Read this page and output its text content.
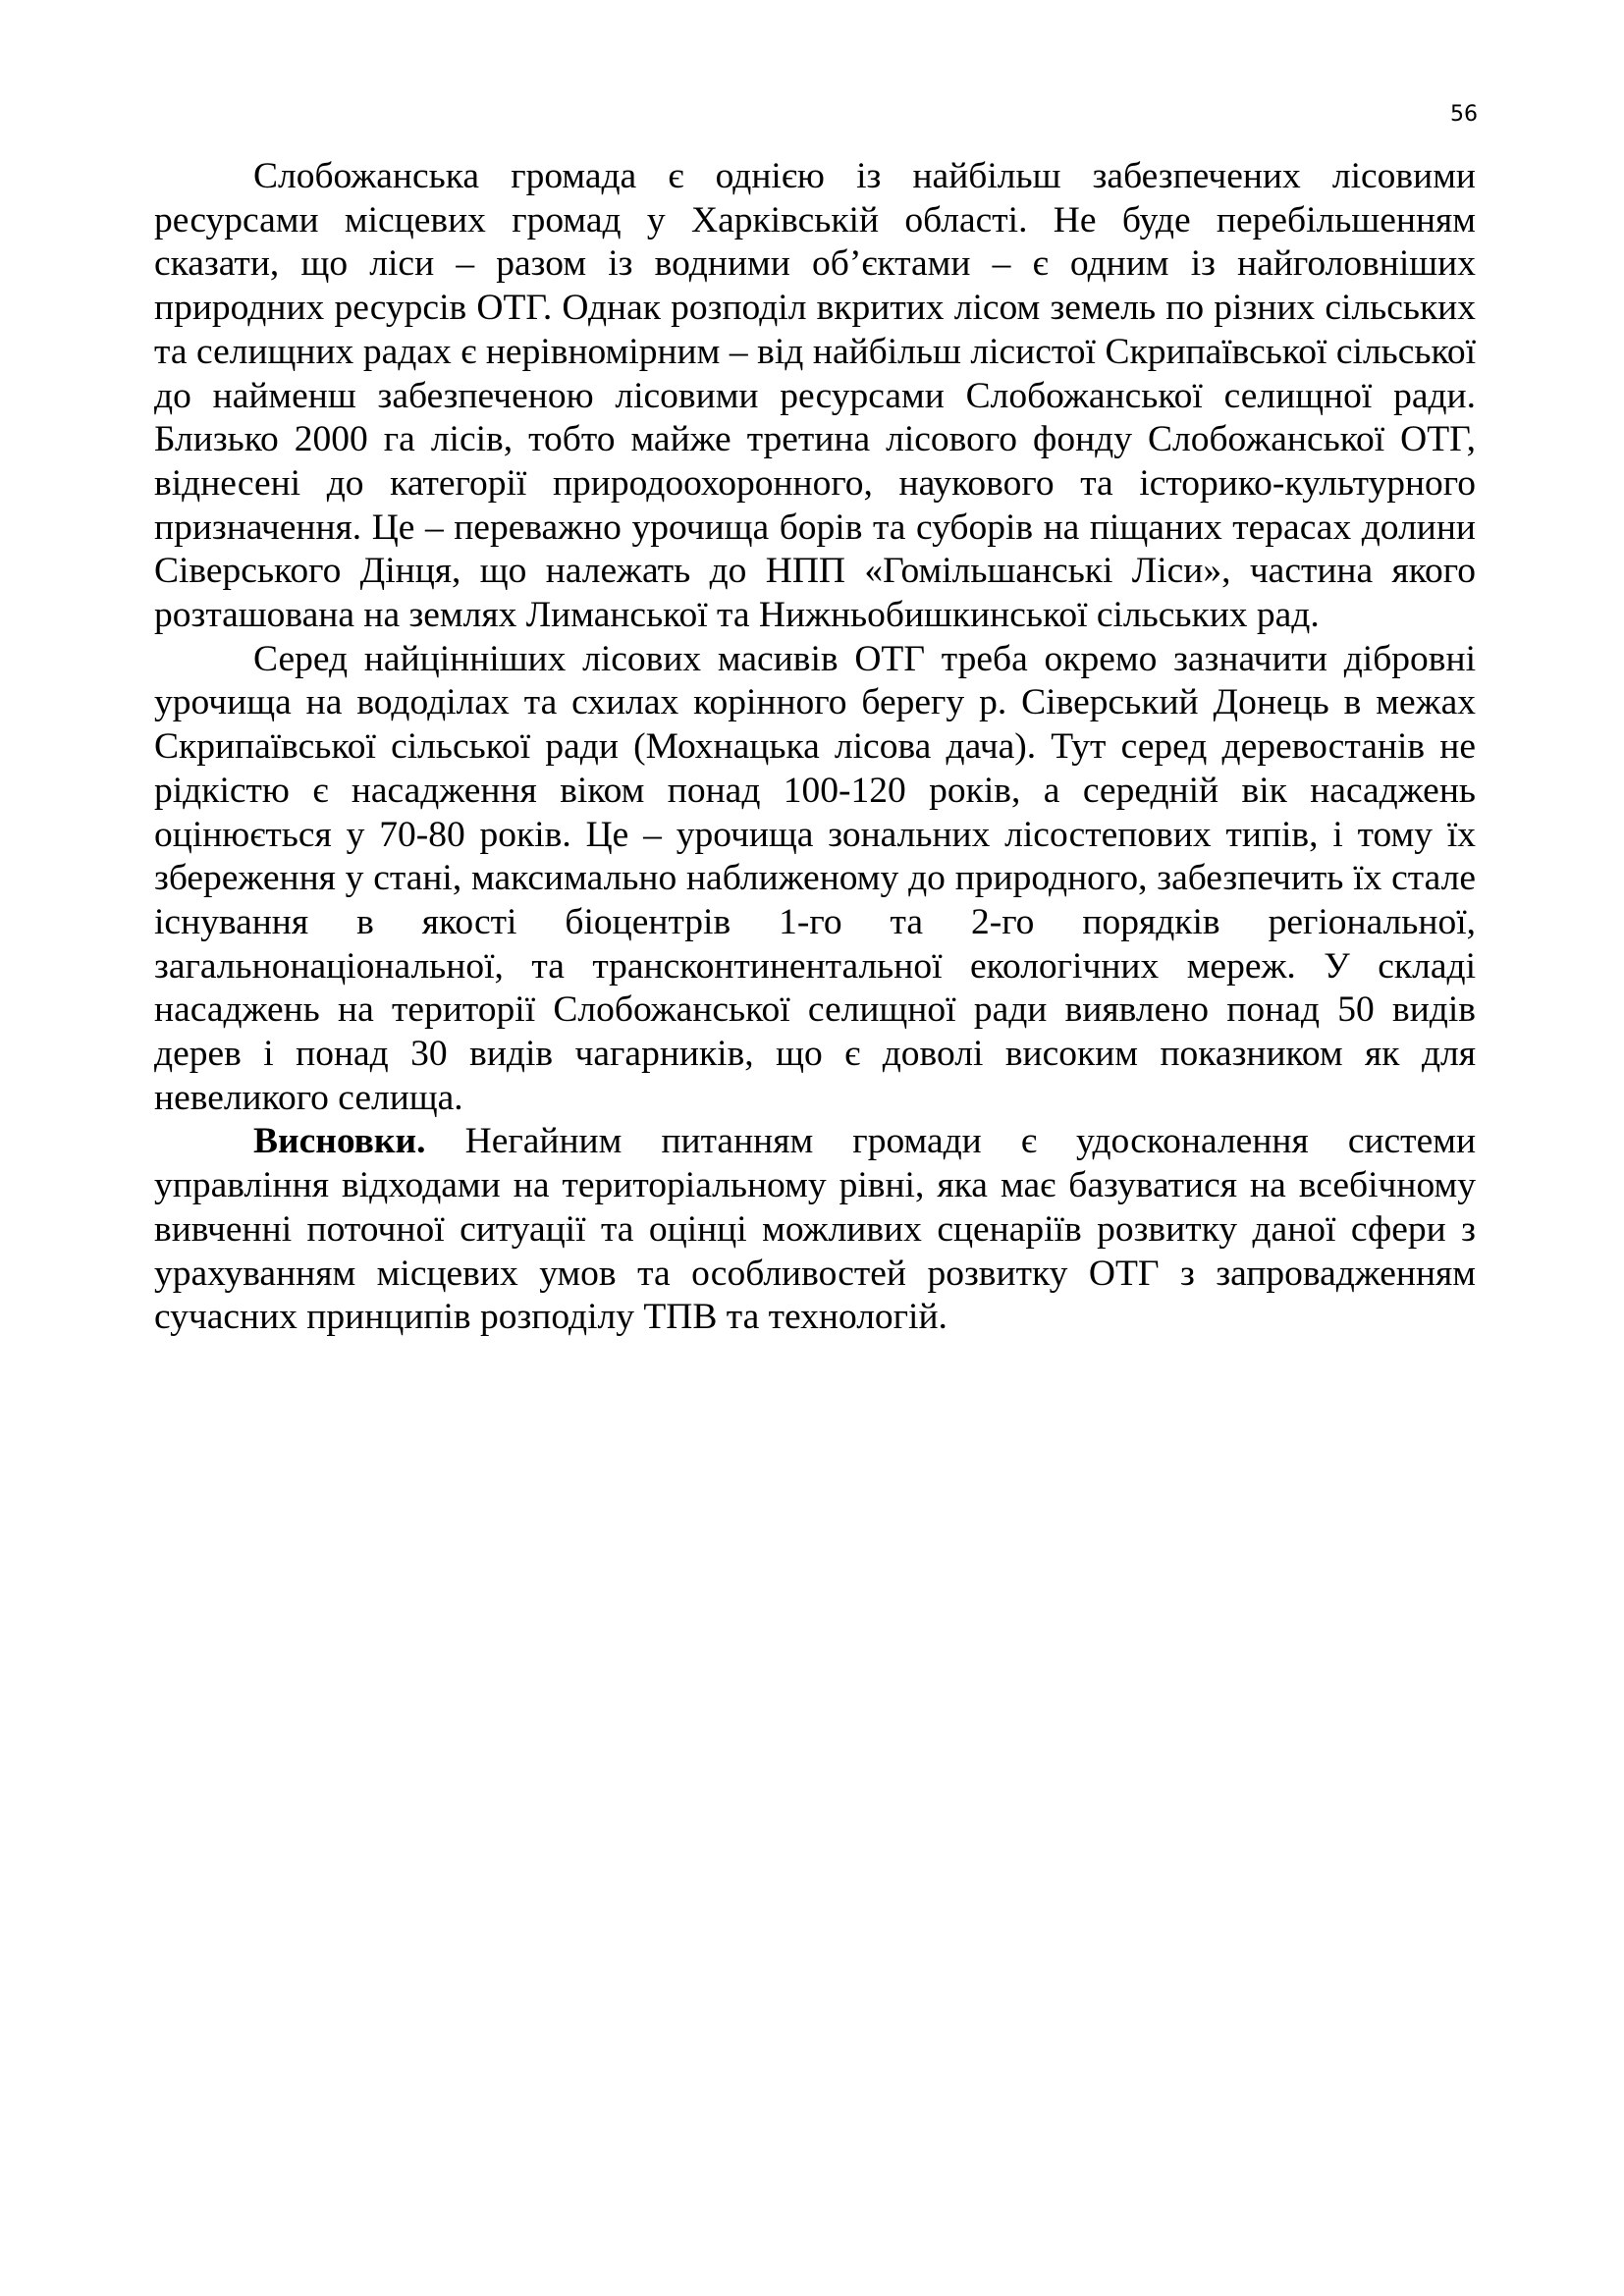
56

Слобожанська громада є однією із найбільш забезпечених лісовими ресурсами місцевих громад у Харківській області. Не буде перебільшенням сказати, що ліси – разом із водними об’єктами – є одним із найголовніших природних ресурсів ОТГ. Однак розподіл вкритих лісом земель по різних сільських та селищних радах є нерівномірним – від найбільш лісистої Скрипаївської сільської до найменш забезпеченою лісовими ресурсами Слобожанської селищної ради. Близько 2000 га лісів, тобто майже третина лісового фонду Слобожанської ОТГ, віднесені до категорії природоохоронного, наукового та історико-культурного призначення. Це – переважно урочища борів та суборів на піщаних терасах долини Сіверського Дінця, що належать до НПП «Гомільшанські Ліси», частина якого розташована на землях Лиманської та Нижньобишкинської сільських рад.

Серед найцінніших лісових масивів ОТГ треба окремо зазначити дібровні урочища на вододілах та схилах корінного берегу р. Сіверський Донець в межах Скрипаївської сільської ради (Мохнацька лісова дача). Тут серед деревостанів не рідкістю є насадження віком понад 100-120 років, а середній вік насаджень оцінюється у 70-80 років. Це – урочища зональних лісостепових типів, і тому їх збереження у стані, максимально наближеному до природного, забезпечить їх стале існування в якості біоцентрів 1-го та 2-го порядків регіональної, загальнонаціональної, та трансконтинентальної екологічних мереж. У складі насаджень на території Слобожанської селищної ради виявлено понад 50 видів дерев і понад 30 видів чагарників, що є доволі високим показником як для невеликого селища.

Висновки. Негайним питанням громади є удосконалення системи управління відходами на територіальному рівні, яка має базуватися на всебічному вивченні поточної ситуації та оцінці можливих сценаріїв розвитку даної сфери з урахуванням місцевих умов та особливостей розвитку ОТГ з запровадженням сучасних принципів розподілу ТПВ та технологій.
